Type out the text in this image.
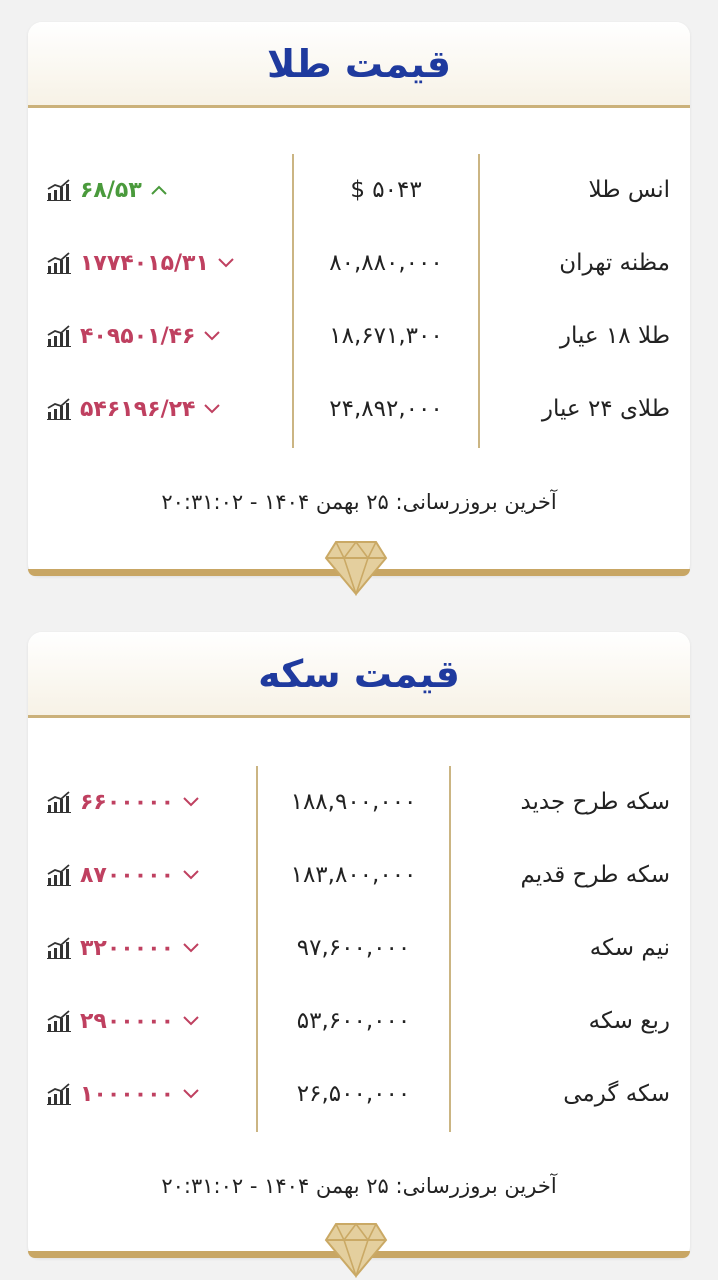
قیمت طلا
انس طلا
$ ۵۰۴۳
۶۸/۵۳
مظنه تهران
۸۰,۸۸۰,۰۰۰
۱۷۷۴۰۱۵/۳۱
طلا ۱۸ عیار
۱۸,۶۷۱,۳۰۰
۴۰۹۵۰۱/۴۶
طلای ۲۴ عیار
۲۴,۸۹۲,۰۰۰
۵۴۶۱۹۶/۲۴
آخرین بروزرسانی: ۲۵ بهمن ۱۴۰۴ - ۲۰:۳۱:۰۲
قیمت سکه
سکه طرح جدید
۱۸۸,۹۰۰,۰۰۰
۶۶۰۰۰۰۰
سکه طرح قدیم
۱۸۳,۸۰۰,۰۰۰
۸۷۰۰۰۰۰
نیم سکه
۹۷,۶۰۰,۰۰۰
۳۲۰۰۰۰۰
ربع سکه
۵۳,۶۰۰,۰۰۰
۲۹۰۰۰۰۰
سکه گرمی
۲۶,۵۰۰,۰۰۰
۱۰۰۰۰۰۰
آخرین بروزرسانی: ۲۵ بهمن ۱۴۰۴ - ۲۰:۳۱:۰۲
